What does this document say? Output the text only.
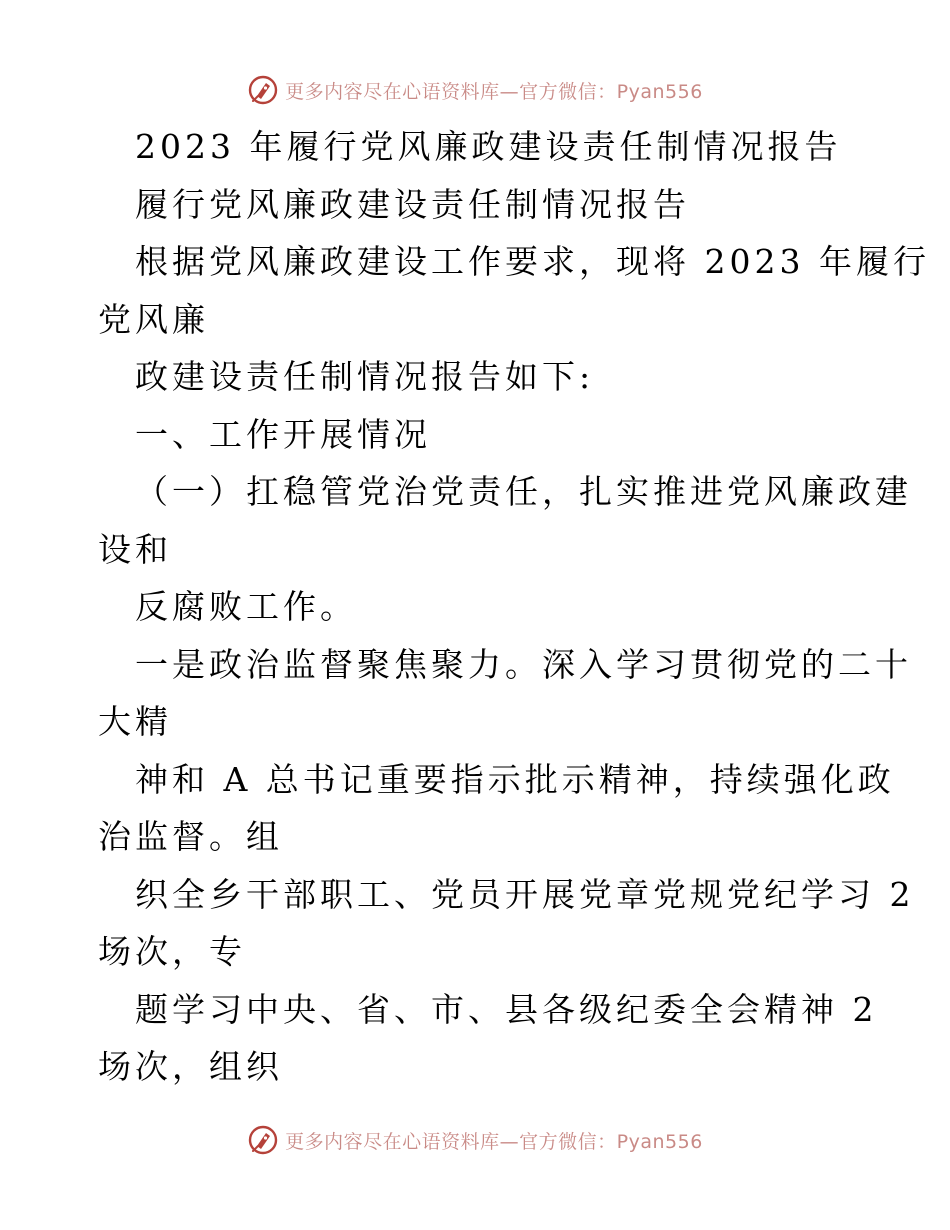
更多内容尽在心语资料库—官方微信：Pyan556
2023 年履行党风廉政建设责任制情况报告
履行党风廉政建设责任制情况报告
根据党风廉政建设工作要求，现将 2023 年履行
党风廉
政建设责任制情况报告如下:
一、工作开展情况
（一）扛稳管党治党责任，扎实推进党风廉政建
设和
反腐败工作。
一是政治监督聚焦聚力。深入学习贯彻党的二十
大精
神和 A 总书记重要指示批示精神，持续强化政
治监督。组
织全乡干部职工、党员开展党章党规党纪学习 2
场次，专
题学习中央、省、市、县各级纪委全会精神 2
场次，组织
更多内容尽在心语资料库—官方微信：Pyan556
